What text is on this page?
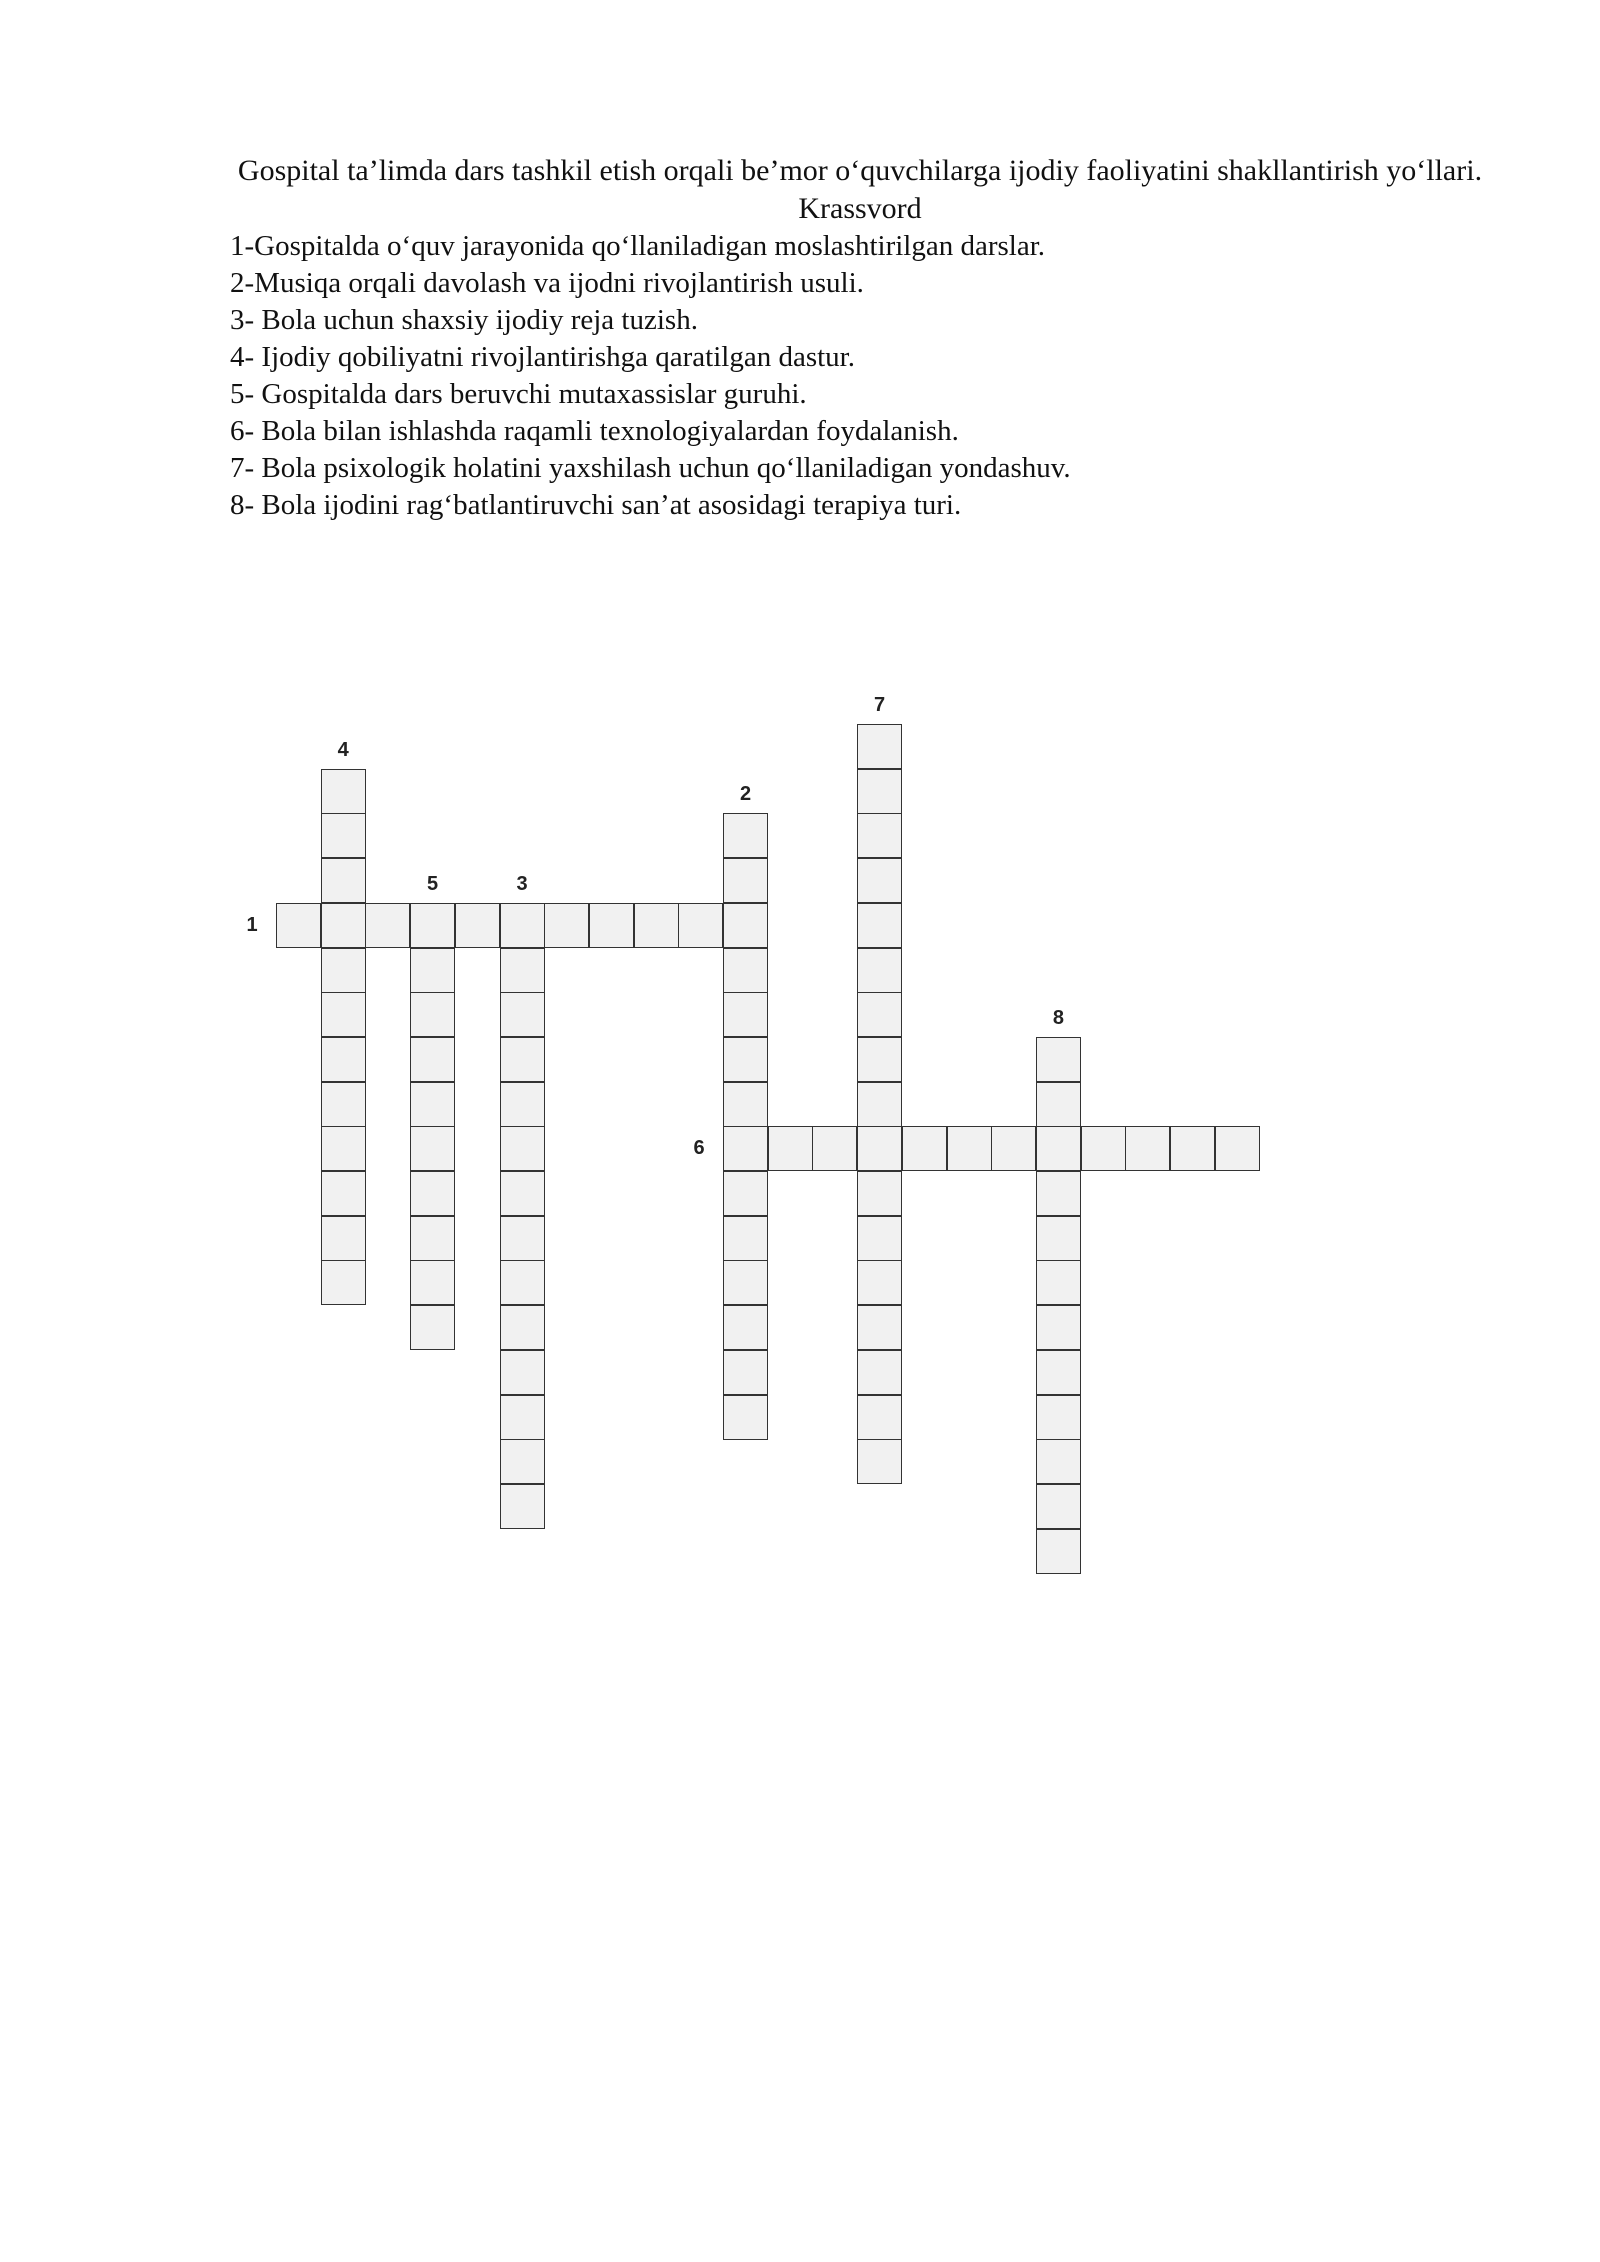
Gospital ta’limda dars tashkil etish orqali be’mor o‘quvchilarga ijodiy faoliyatini shakllantirish yo‘llari. Krassvord
1-Gospitalda o‘quv jarayonida qo‘llaniladigan moslashtirilgan darslar.
2-Musiqa orqali davolash va ijodni rivojlantirish usuli.
3- Bola uchun shaxsiy ijodiy reja tuzish.
4- Ijodiy qobiliyatni rivojlantirishga qaratilgan dastur.
5- Gospitalda dars beruvchi mutaxassislar guruhi.
6- Bola bilan ishlashda raqamli texnologiyalardan foydalanish.
7- Bola psixologik holatini yaxshilash uchun qo‘llaniladigan yondashuv.
8- Bola ijodini rag‘batlantiruvchi san’at asosidagi terapiya turi.
1
2
3
4
5
6
7
8
